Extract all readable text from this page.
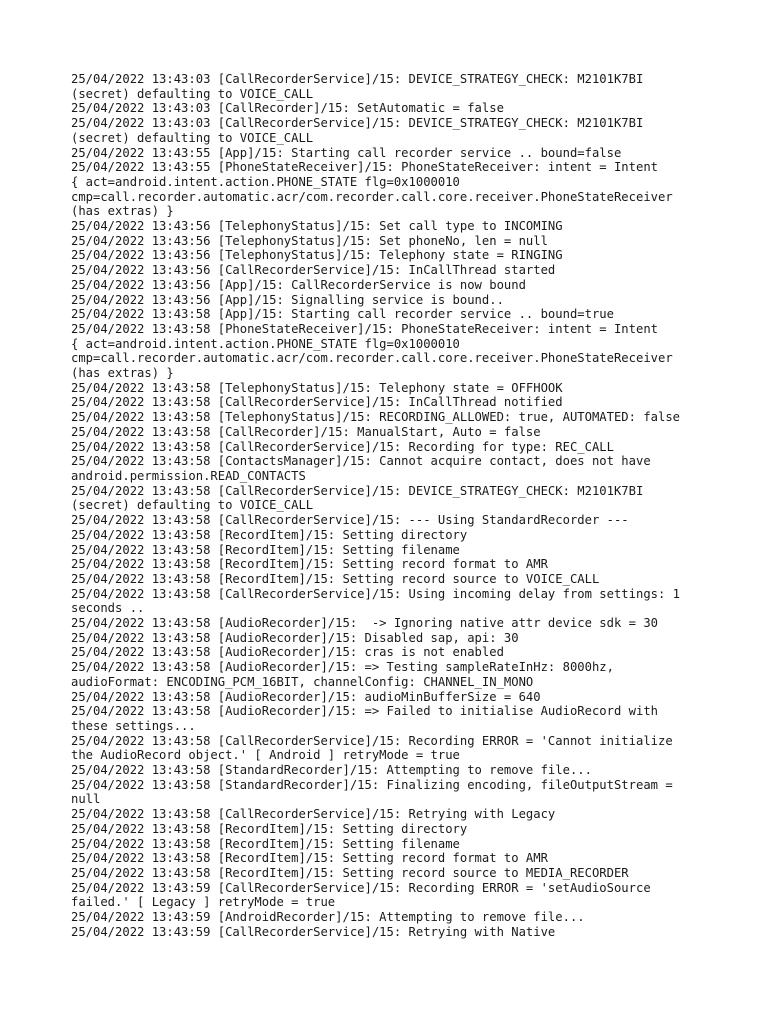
25/04/2022 13:43:03 [CallRecorderService]/15: DEVICE_STRATEGY_CHECK: M2101K7BI
(secret) defaulting to VOICE_CALL
25/04/2022 13:43:03 [CallRecorder]/15: SetAutomatic = false
25/04/2022 13:43:03 [CallRecorderService]/15: DEVICE_STRATEGY_CHECK: M2101K7BI
(secret) defaulting to VOICE_CALL
25/04/2022 13:43:55 [App]/15: Starting call recorder service .. bound=false
25/04/2022 13:43:55 [PhoneStateReceiver]/15: PhoneStateReceiver: intent = Intent
{ act=android.intent.action.PHONE_STATE flg=0x1000010
cmp=call.recorder.automatic.acr/com.recorder.call.core.receiver.PhoneStateReceiver
(has extras) }
25/04/2022 13:43:56 [TelephonyStatus]/15: Set call type to INCOMING
25/04/2022 13:43:56 [TelephonyStatus]/15: Set phoneNo, len = null
25/04/2022 13:43:56 [TelephonyStatus]/15: Telephony state = RINGING
25/04/2022 13:43:56 [CallRecorderService]/15: InCallThread started
25/04/2022 13:43:56 [App]/15: CallRecorderService is now bound
25/04/2022 13:43:56 [App]/15: Signalling service is bound..
25/04/2022 13:43:58 [App]/15: Starting call recorder service .. bound=true
25/04/2022 13:43:58 [PhoneStateReceiver]/15: PhoneStateReceiver: intent = Intent
{ act=android.intent.action.PHONE_STATE flg=0x1000010
cmp=call.recorder.automatic.acr/com.recorder.call.core.receiver.PhoneStateReceiver
(has extras) }
25/04/2022 13:43:58 [TelephonyStatus]/15: Telephony state = OFFHOOK
25/04/2022 13:43:58 [CallRecorderService]/15: InCallThread notified
25/04/2022 13:43:58 [TelephonyStatus]/15: RECORDING_ALLOWED: true, AUTOMATED: false
25/04/2022 13:43:58 [CallRecorder]/15: ManualStart, Auto = false
25/04/2022 13:43:58 [CallRecorderService]/15: Recording for type: REC_CALL
25/04/2022 13:43:58 [ContactsManager]/15: Cannot acquire contact, does not have
android.permission.READ_CONTACTS
25/04/2022 13:43:58 [CallRecorderService]/15: DEVICE_STRATEGY_CHECK: M2101K7BI
(secret) defaulting to VOICE_CALL
25/04/2022 13:43:58 [CallRecorderService]/15: --- Using StandardRecorder ---
25/04/2022 13:43:58 [RecordItem]/15: Setting directory
25/04/2022 13:43:58 [RecordItem]/15: Setting filename
25/04/2022 13:43:58 [RecordItem]/15: Setting record format to AMR
25/04/2022 13:43:58 [RecordItem]/15: Setting record source to VOICE_CALL
25/04/2022 13:43:58 [CallRecorderService]/15: Using incoming delay from settings: 1
seconds ..
25/04/2022 13:43:58 [AudioRecorder]/15:  -> Ignoring native attr device sdk = 30
25/04/2022 13:43:58 [AudioRecorder]/15: Disabled sap, api: 30
25/04/2022 13:43:58 [AudioRecorder]/15: cras is not enabled
25/04/2022 13:43:58 [AudioRecorder]/15: => Testing sampleRateInHz: 8000hz,
audioFormat: ENCODING_PCM_16BIT, channelConfig: CHANNEL_IN_MONO
25/04/2022 13:43:58 [AudioRecorder]/15: audioMinBufferSize = 640
25/04/2022 13:43:58 [AudioRecorder]/15: => Failed to initialise AudioRecord with
these settings...
25/04/2022 13:43:58 [CallRecorderService]/15: Recording ERROR = 'Cannot initialize
the AudioRecord object.' [ Android ] retryMode = true
25/04/2022 13:43:58 [StandardRecorder]/15: Attempting to remove file...
25/04/2022 13:43:58 [StandardRecorder]/15: Finalizing encoding, fileOutputStream =
null
25/04/2022 13:43:58 [CallRecorderService]/15: Retrying with Legacy
25/04/2022 13:43:58 [RecordItem]/15: Setting directory
25/04/2022 13:43:58 [RecordItem]/15: Setting filename
25/04/2022 13:43:58 [RecordItem]/15: Setting record format to AMR
25/04/2022 13:43:58 [RecordItem]/15: Setting record source to MEDIA_RECORDER
25/04/2022 13:43:59 [CallRecorderService]/15: Recording ERROR = 'setAudioSource
failed.' [ Legacy ] retryMode = true
25/04/2022 13:43:59 [AndroidRecorder]/15: Attempting to remove file...
25/04/2022 13:43:59 [CallRecorderService]/15: Retrying with Native
